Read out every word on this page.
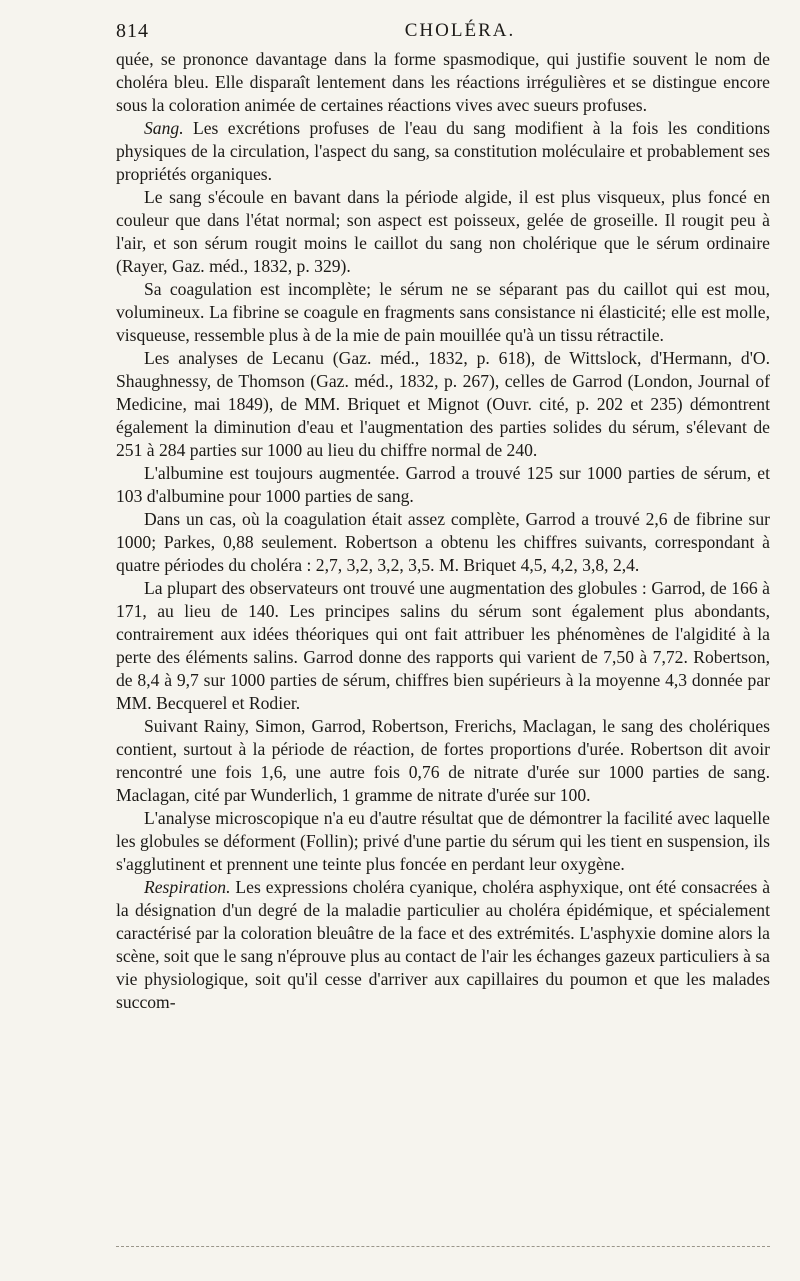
814	CHOLÉRA.

quée, se prononce davantage dans la forme spasmodique, qui justifie souvent le nom de choléra bleu. Elle disparaît lentement dans les réactions irrégulières et se distingue encore sous la coloration animée de certaines réactions vives avec sueurs profuses.

Sang. Les excrétions profuses de l'eau du sang modifient à la fois les conditions physiques de la circulation, l'aspect du sang, sa constitution moléculaire et probablement ses propriétés organiques.

Le sang s'écoule en bavant dans la période algide, il est plus visqueux, plus foncé en couleur que dans l'état normal; son aspect est poisseux, gelée de groseille. Il rougit peu à l'air, et son sérum rougit moins le caillot du sang non cholérique que le sérum ordinaire (Rayer, Gaz. méd., 1832, p. 329).

Sa coagulation est incomplète; le sérum ne se séparant pas du caillot qui est mou, volumineux. La fibrine se coagule en fragments sans consistance ni élasticité; elle est molle, visqueuse, ressemble plus à de la mie de pain mouillée qu'à un tissu rétractile.

Les analyses de Lecanu (Gaz. méd., 1832, p. 618), de Wittslock, d'Hermann, d'O. Shaughnessy, de Thomson (Gaz. méd., 1832, p. 267), celles de Garrod (London, Journal of Medicine, mai 1849), de MM. Briquet et Mignot (Ouvr. cité, p. 202 et 235) démontrent également la diminution d'eau et l'augmentation des parties solides du sérum, s'élevant de 251 à 284 parties sur 1000 au lieu du chiffre normal de 240.

L'albumine est toujours augmentée. Garrod a trouvé 125 sur 1000 parties de sérum, et 103 d'albumine pour 1000 parties de sang.

Dans un cas, où la coagulation était assez complète, Garrod a trouvé 2,6 de fibrine sur 1000; Parkes, 0,88 seulement. Robertson a obtenu les chiffres suivants, correspondant à quatre périodes du choléra : 2,7, 3,2, 3,2, 3,5. M. Briquet 4,5, 4,2, 3,8, 2,4.

La plupart des observateurs ont trouvé une augmentation des globules : Garrod, de 166 à 171, au lieu de 140. Les principes salins du sérum sont également plus abondants, contrairement aux idées théoriques qui ont fait attribuer les phénomènes de l'algidité à la perte des éléments salins. Garrod donne des rapports qui varient de 7,50 à 7,72. Robertson, de 8,4 à 9,7 sur 1000 parties de sérum, chiffres bien supérieurs à la moyenne 4,3 donnée par MM. Becquerel et Rodier.

Suivant Rainy, Simon, Garrod, Robertson, Frerichs, Maclagan, le sang des cholériques contient, surtout à la période de réaction, de fortes proportions d'urée. Robertson dit avoir rencontré une fois 1,6, une autre fois 0,76 de nitrate d'urée sur 1000 parties de sang. Maclagan, cité par Wunderlich, 1 gramme de nitrate d'urée sur 100.

L'analyse microscopique n'a eu d'autre résultat que de démontrer la facilité avec laquelle les globules se déforment (Follin); privé d'une partie du sérum qui les tient en suspension, ils s'agglutinent et prennent une teinte plus foncée en perdant leur oxygène.

Respiration. Les expressions choléra cyanique, choléra asphyxique, ont été consacrées à la désignation d'un degré de la maladie particulier au choléra épidémique, et spécialement caractérisé par la coloration bleuâtre de la face et des extrémités. L'asphyxie domine alors la scène, soit que le sang n'éprouve plus au contact de l'air les échanges gazeux particuliers à sa vie physiologique, soit qu'il cesse d'arriver aux capillaires du poumon et que les malades succom-
